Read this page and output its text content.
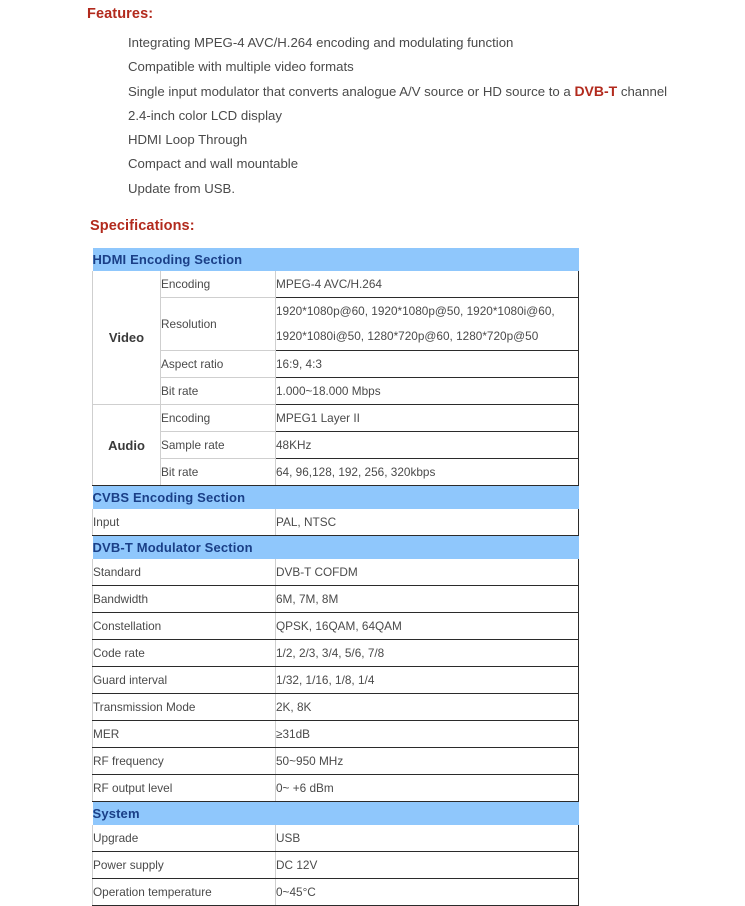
Features:
Integrating MPEG-4 AVC/H.264 encoding and modulating function
Compatible with multiple video formats
Single input modulator that converts analogue A/V source or HD source to a DVB-T channel
2.4-inch color LCD display
HDMI Loop Through
Compact and wall mountable
Update from USB.
Specifications:
HDMI Encoding Section		
Video	Encoding	MPEG-4 AVC/H.264
	Resolution	1920*1080p@60, 1920*1080p@50, 1920*1080i@60,
1920*1080i@50, 1280*720p@60, 1280*720p@50

	Aspect ratio	16:9, 4:3
	Bit rate	1.000~18.000 Mbps
Audio	Encoding	MPEG1 Layer II
	Sample rate	48KHz
	Bit rate	64, 96,128, 192, 256, 320kbps
CVBS Encoding Section		
Input		PAL, NTSC
DVB-T Modulator Section		
Standard		DVB-T COFDM
Bandwidth		6M, 7M, 8M
Constellation		QPSK, 16QAM, 64QAM
Code rate		1/2, 2/3, 3/4, 5/6, 7/8
Guard interval		1/32, 1/16, 1/8, 1/4
Transmission Mode		2K, 8K
MER		≥31dB
RF frequency		50~950 MHz
RF output level		0~ +6 dBm
System		
Upgrade		USB
Power supply		DC 12V
Operation temperature		0~45°C
